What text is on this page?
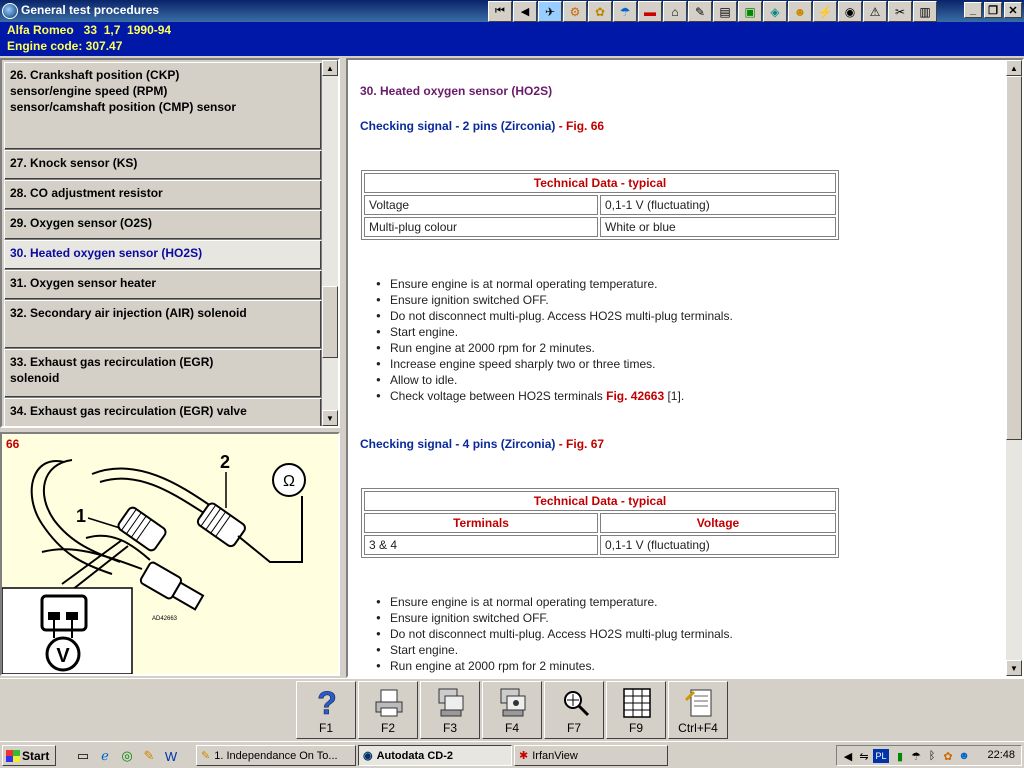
General test procedures	⏮	◀	✈	⚙	✿	☂	▬	⌂	✎	▤	▣	◈	☻ ⚡	◉	⚠	✂	▥	_	❐ ✕
Alfa Romeo   33  1,7  1990-94
Engine code: 307.47
26. Crankshaft position (CKP)
sensor/engine speed (RPM)
sensor/camshaft position (CMP) sensor
27. Knock sensor (KS)
28. CO adjustment resistor
29. Oxygen sensor (O2S)
30. Heated oxygen sensor (HO2S)
31. Oxygen sensor heater
32. Secondary air injection (AIR) solenoid
33. Exhaust gas recirculation (EGR)
solenoid
34. Exhaust gas recirculation (EGR) valve
▲
▼
66
Ω
1
2
AD42663
V
30. Heated oxygen sensor (HO2S)
Checking signal - 2 pins (Zirconia) - Fig. 66
Technical Data - typical	
Voltage	0,1-1 V (fluctuating)
Multi-plug colour	White or blue
● Ensure engine is at normal operating temperature.
● Ensure ignition switched OFF.
● Do not disconnect multi-plug. Access HO2S multi-plug terminals.
● Start engine.
● Run engine at 2000 rpm for 2 minutes.
● Increase engine speed sharply two or three times.
● Allow to idle.
● Check voltage between HO2S terminals Fig. 42663 [1].
Checking signal - 4 pins (Zirconia) - Fig. 67
Technical Data - typical	
Terminals	Voltage
3 & 4	0,1-1 V (fluctuating)
● Ensure engine is at normal operating temperature.
● Ensure ignition switched OFF.
● Do not disconnect multi-plug. Access HO2S multi-plug terminals.
● Start engine.
● Run engine at 2000 rpm for 2 minutes.
▲
▼
?
F1	F2	F3	F4	F7	F9	Ctrl+F4
Start ▭ ℯ ◎ ✎ W ✎ 1. Independance On To... ◉ Autodata CD-2	✱ IrfanView	◀ ⇋ PL ▮ ☂ ᛒ ✿ ☻ 22:48
